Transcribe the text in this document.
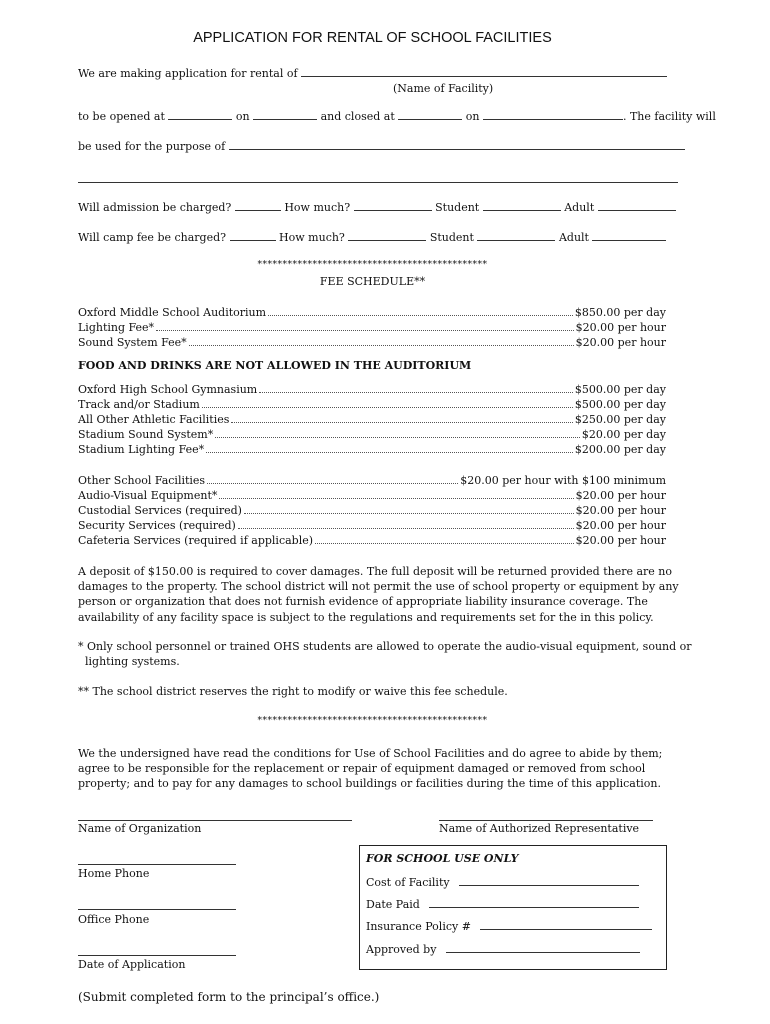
APPLICATION FOR RENTAL OF SCHOOL FACILITIES
We are making application for rental of
(Name of Facility)
to be opened at	on	and closed at	on	. The facility will
be used for the purpose of
Will admission be charged?	How much?	Student	Adult
Will camp fee be charged?	How much?	Student	Adult
**********************************************
FEE SCHEDULE**
Oxford Middle School Auditorium	$850.00 per day
Lighting Fee*	$20.00 per hour
Sound System Fee*	$20.00 per hour
FOOD AND DRINKS ARE NOT ALLOWED IN THE AUDITORIUM
Oxford High School Gymnasium	$500.00 per day
Track and/or Stadium	$500.00 per day
All Other Athletic Facilities	$250.00 per day
Stadium Sound System*	$20.00 per day
Stadium Lighting Fee*	$200.00 per day
Other School Facilities	$20.00 per hour with $100 minimum
Audio-Visual Equipment*	$20.00 per hour
Custodial Services (required)	$20.00 per hour
Security Services (required)	$20.00 per hour
Cafeteria Services (required if applicable)	$20.00 per hour
A deposit of $150.00 is required to cover damages. The full deposit will be returned provided there are no damages to the property. The school district will not permit the use of school property or equipment by any person or organization that does not furnish evidence of appropriate liability insurance coverage. The availability of any facility space is subject to the regulations and requirements set for the in this policy.
* Only school personnel or trained OHS students are allowed to operate the audio-visual equipment, sound or
lighting systems.
** The school district reserves the right to modify or waive this fee schedule.
**********************************************
We the undersigned have read the conditions for Use of School Facilities and do agree to abide by them; agree to be responsible for the replacement or repair of equipment damaged or removed from school property; and to pay for any damages to school buildings or facilities during the time of this application.
Name of Organization	Name of Authorized Representative
Home Phone
Office Phone
Date of Application
FOR SCHOOL USE ONLY
Cost of Facility
Date Paid
Insurance Policy #
Approved by
(Submit completed form to the principal’s office.)
